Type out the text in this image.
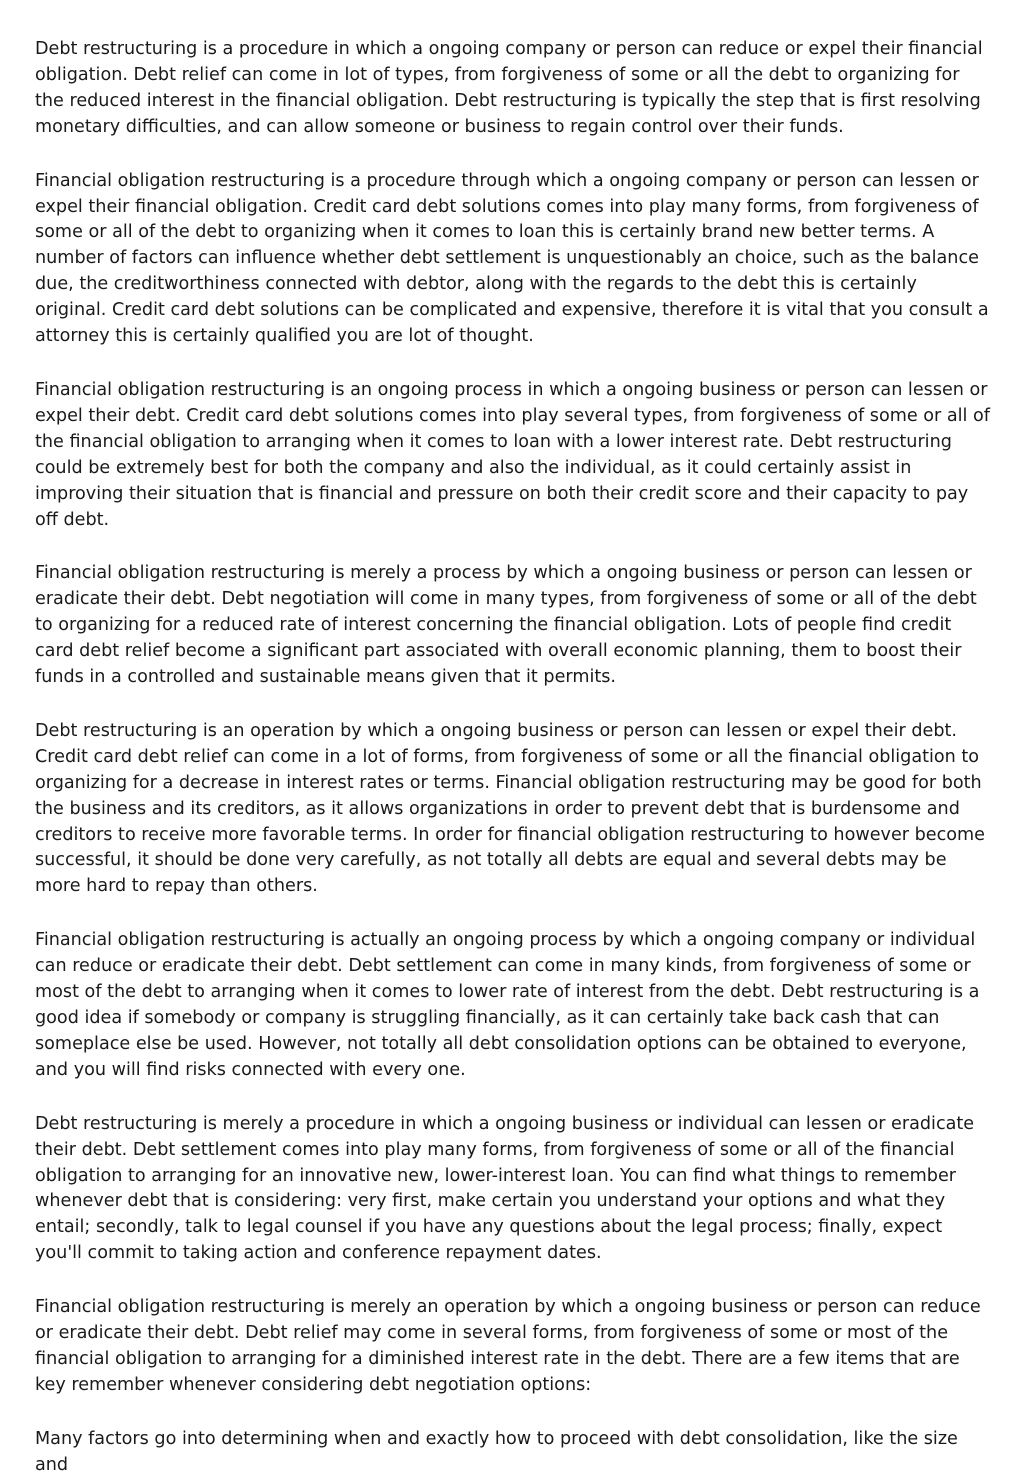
Debt restructuring is a procedure in which a ongoing company or person can reduce or expel their financial obligation. Debt relief can come in lot of types, from forgiveness of some or all the debt to organizing for the reduced interest in the financial obligation. Debt restructuring is typically the step that is first resolving monetary difficulties, and can allow someone or business to regain control over their funds.

Financial obligation restructuring is a procedure through which a ongoing company or person can lessen or expel their financial obligation. Credit card debt solutions comes into play many forms, from forgiveness of some or all of the debt to organizing when it comes to loan this is certainly brand new better terms. A number of factors can influence whether debt settlement is unquestionably an choice, such as the balance due, the creditworthiness connected with debtor, along with the regards to the debt this is certainly original. Credit card debt solutions can be complicated and expensive, therefore it is vital that you consult a attorney this is certainly qualified you are lot of thought.

Financial obligation restructuring is an ongoing process in which a ongoing business or person can lessen or expel their debt. Credit card debt solutions comes into play several types, from forgiveness of some or all of the financial obligation to arranging when it comes to loan with a lower interest rate. Debt restructuring could be extremely best for both the company and also the individual, as it could certainly assist in improving their situation that is financial and pressure on both their credit score and their capacity to pay off debt.

Financial obligation restructuring is merely a process by which a ongoing business or person can lessen or eradicate their debt. Debt negotiation will come in many types, from forgiveness of some or all of the debt to organizing for a reduced rate of interest concerning the financial obligation. Lots of people find credit card debt relief become a significant part associated with overall economic planning, them to boost their funds in a controlled and sustainable means given that it permits.

Debt restructuring is an operation by which a ongoing business or person can lessen or expel their debt. Credit card debt relief can come in a lot of forms, from forgiveness of some or all the financial obligation to organizing for a decrease in interest rates or terms. Financial obligation restructuring may be good for both the business and its creditors, as it allows organizations in order to prevent debt that is burdensome and creditors to receive more favorable terms. In order for financial obligation restructuring to however become successful, it should be done very carefully, as not totally all debts are equal and several debts may be more hard to repay than others.

Financial obligation restructuring is actually an ongoing process by which a ongoing company or individual can reduce or eradicate their debt. Debt settlement can come in many kinds, from forgiveness of some or most of the debt to arranging when it comes to lower rate of interest from the debt. Debt restructuring is a good idea if somebody or company is struggling financially, as it can certainly take back cash that can someplace else be used. However, not totally all debt consolidation options can be obtained to everyone, and you will find risks connected with every one.

Debt restructuring is merely a procedure in which a ongoing business or individual can lessen or eradicate their debt. Debt settlement comes into play many forms, from forgiveness of some or all of the financial obligation to arranging for an innovative new, lower-interest loan. You can find what things to remember whenever debt that is considering: very first, make certain you understand your options and what they entail; secondly, talk to legal counsel if you have any questions about the legal process; finally, expect you'll commit to taking action and conference repayment dates.

Financial obligation restructuring is merely an operation by which a ongoing business or person can reduce or eradicate their debt. Debt relief may come in several forms, from forgiveness of some or most of the financial obligation to arranging for a diminished interest rate in the debt. There are a few items that are key remember whenever considering debt negotiation options:

Many factors go into determining when and exactly how to proceed with debt consolidation, like the size and
